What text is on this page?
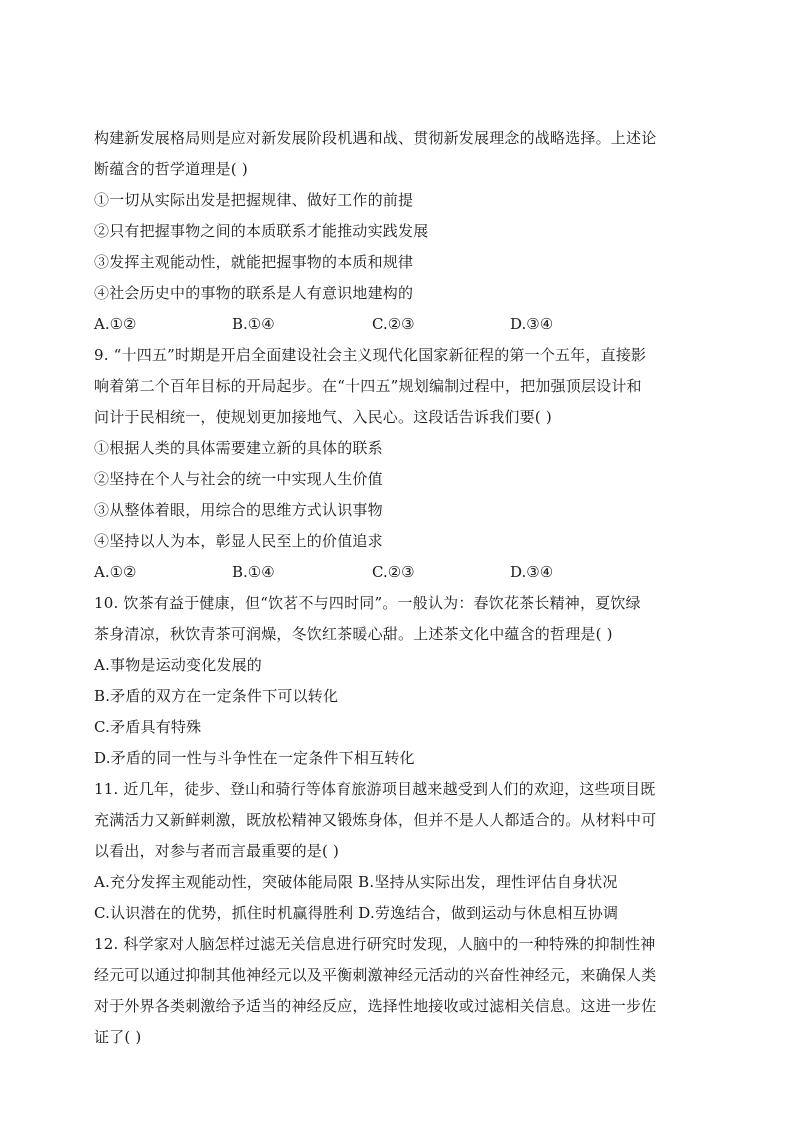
构建新发展格局则是应对新发展阶段机遇和战、贯彻新发展理念的战略选择。上述论
断蕴含的哲学道理是( )
①一切从实际出发是把握规律、做好工作的前提
②只有把握事物之间的本质联系才能推动实践发展
③发挥主观能动性，就能把握事物的本质和规律
④社会历史中的事物的联系是人有意识地建构的
A.①②	B.①④	C.②③	D.③④
9. “十四五”时期是开启全面建设社会主义现代化国家新征程的第一个五年，直接影
响着第二个百年目标的开局起步。在“十四五”规划编制过程中，把加强顶层设计和
问计于民相统一，使规划更加接地气、入民心。这段话告诉我们要( )
①根据人类的具体需要建立新的具体的联系
②坚持在个人与社会的统一中实现人生价值
③从整体着眼，用综合的思维方式认识事物
④坚持以人为本，彰显人民至上的价值追求
A.①②	B.①④	C.②③	D.③④
10. 饮茶有益于健康，但“饮茗不与四时同”。一般认为：春饮花茶长精神，夏饮绿
茶身清凉，秋饮青茶可润燥，冬饮红茶暖心甜。上述茶文化中蕴含的哲理是( )
A.事物是运动变化发展的
B.矛盾的双方在一定条件下可以转化
C.矛盾具有特殊
D.矛盾的同一性与斗争性在一定条件下相互转化
11. 近几年，徒步、登山和骑行等体育旅游项目越来越受到人们的欢迎，这些项目既
充满活力又新鲜刺激，既放松精神又锻炼身体，但并不是人人都适合的。从材料中可
以看出，对参与者而言最重要的是( )
A.充分发挥主观能动性，突破体能局限 B.坚持从实际出发，理性评估自身状况
C.认识潜在的优势，抓住时机赢得胜利 D.劳逸结合，做到运动与休息相互协调
12. 科学家对人脑怎样过滤无关信息进行研究时发现，人脑中的一种特殊的抑制性神
经元可以通过抑制其他神经元以及平衡刺激神经元活动的兴奋性神经元，来确保人类
对于外界各类刺激给予适当的神经反应，选择性地接收或过滤相关信息。这进一步佐
证了( )
